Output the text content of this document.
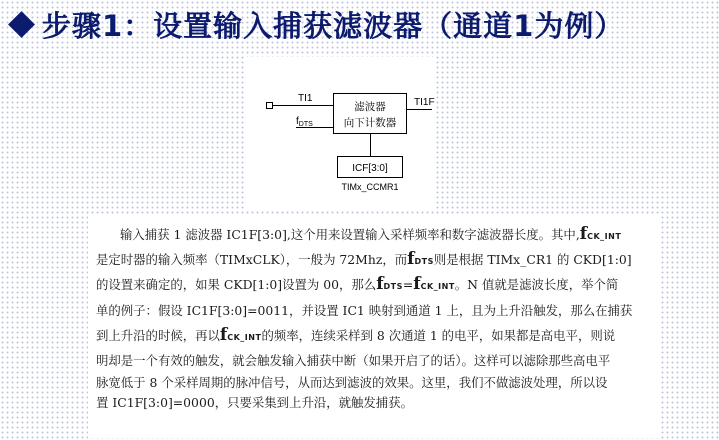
步骤1：设置输入捕获滤波器（通道1为例）
TI1
$f_{DTS}$
滤波器
向下计数器
TI1F
ICF[3:0]
TIMx_CCMR1
输入捕获 1 滤波器 IC1F[3:0],这个用来设置输入采样频率和数字滤波器长度。其中,fCK_INT
是定时器的输入频率（TIMxCLK），一般为 72Mhz，而fDTS则是根据 TIMx_CR1 的 CKD[1:0]
的设置来确定的，如果 CKD[1:0]设置为 00，那么fDTS=fCK_INT。N 值就是滤波长度，举个简
单的例子：假设 IC1F[3:0]=0011，并设置 IC1 映射到通道 1 上，且为上升沿触发，那么在捕获
到上升沿的时候，再以fCK_INT的频率，连续采样到 8 次通道 1 的电平，如果都是高电平，则说
明却是一个有效的触发，就会触发输入捕获中断（如果开启了的话）。这样可以滤除那些高电平
脉宽低于 8 个采样周期的脉冲信号，从而达到滤波的效果。这里，我们不做滤波处理，所以设
置 IC1F[3:0]=0000，只要采集到上升沿，就触发捕获。
